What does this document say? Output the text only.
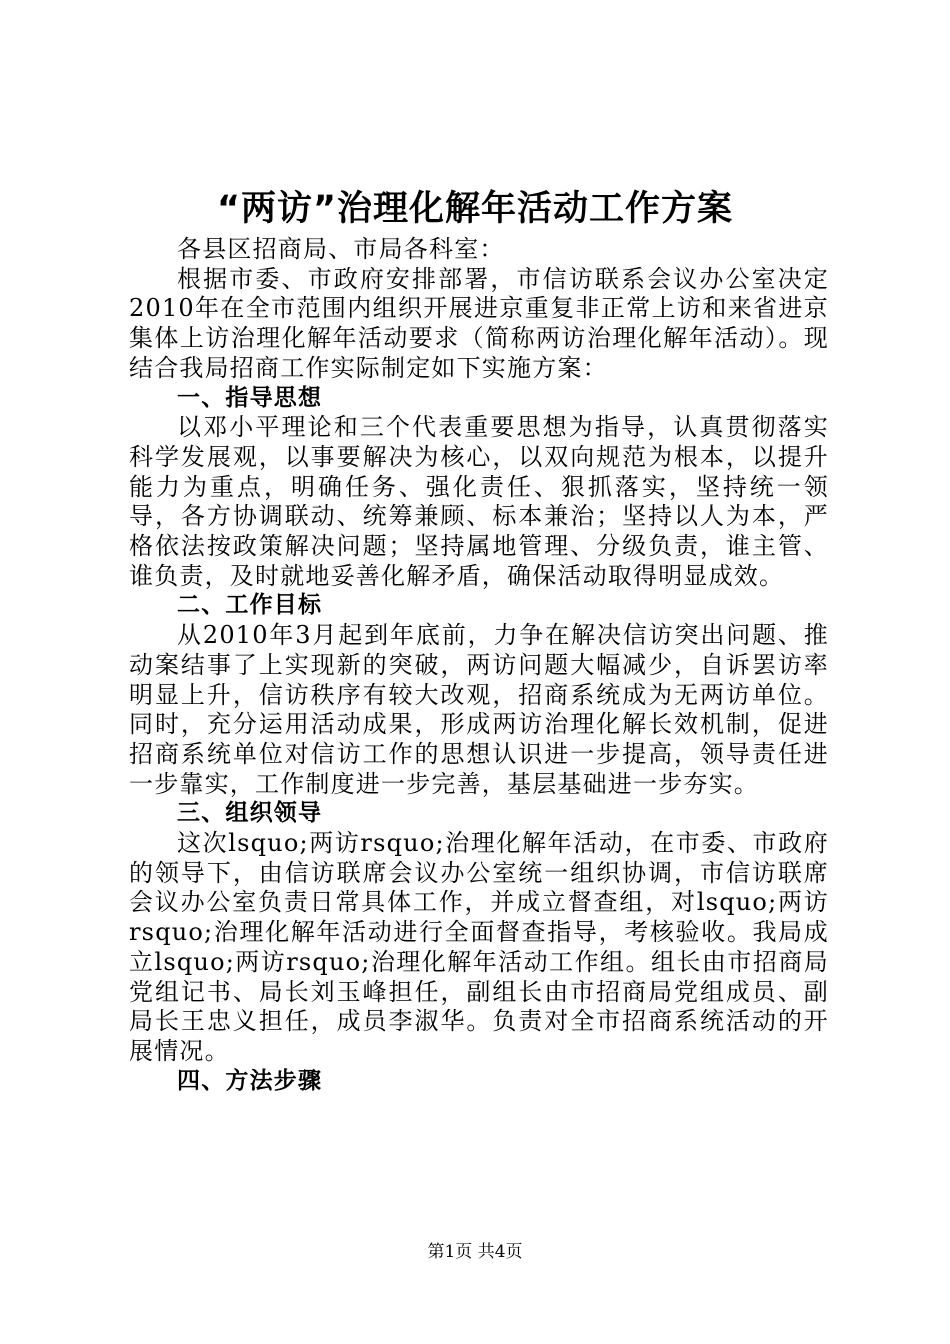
“两访”治理化解年活动工作方案

各县区招商局、市局各科室：

根据市委、市政府安排部署，市信访联系会议办公室决定2010年在全市范围内组织开展进京重复非正常上访和来省进京集体上访治理化解年活动要求（简称两访治理化解年活动）。现结合我局招商工作实际制定如下实施方案：

一、指导思想

以邓小平理论和三个代表重要思想为指导，认真贯彻落实科学发展观，以事要解决为核心，以双向规范为根本，以提升能力为重点，明确任务、强化责任、狠抓落实，坚持统一领导，各方协调联动、统筹兼顾、标本兼治；坚持以人为本，严格依法按政策解决问题；坚持属地管理、分级负责，谁主管、谁负责，及时就地妥善化解矛盾，确保活动取得明显成效。

二、工作目标

从2010年3月起到年底前，力争在解决信访突出问题、推动案结事了上实现新的突破，两访问题大幅减少，自诉罢访率明显上升，信访秩序有较大改观，招商系统成为无两访单位。同时，充分运用活动成果，形成两访治理化解长效机制，促进招商系统单位对信访工作的思想认识进一步提高，领导责任进一步靠实，工作制度进一步完善，基层基础进一步夯实。

三、组织领导

这次lsquo;两访rsquo;治理化解年活动，在市委、市政府的领导下，由信访联席会议办公室统一组织协调，市信访联席会议办公室负责日常具体工作，并成立督查组，对lsquo;两访rsquo;治理化解年活动进行全面督查指导，考核验收。我局成立lsquo;两访rsquo;治理化解年活动工作组。组长由市招商局党组记书、局长刘玉峰担任，副组长由市招商局党组成员、副局长王忠义担任，成员李淑华。负责对全市招商系统活动的开展情况。

四、方法步骤
第1页 共4页
